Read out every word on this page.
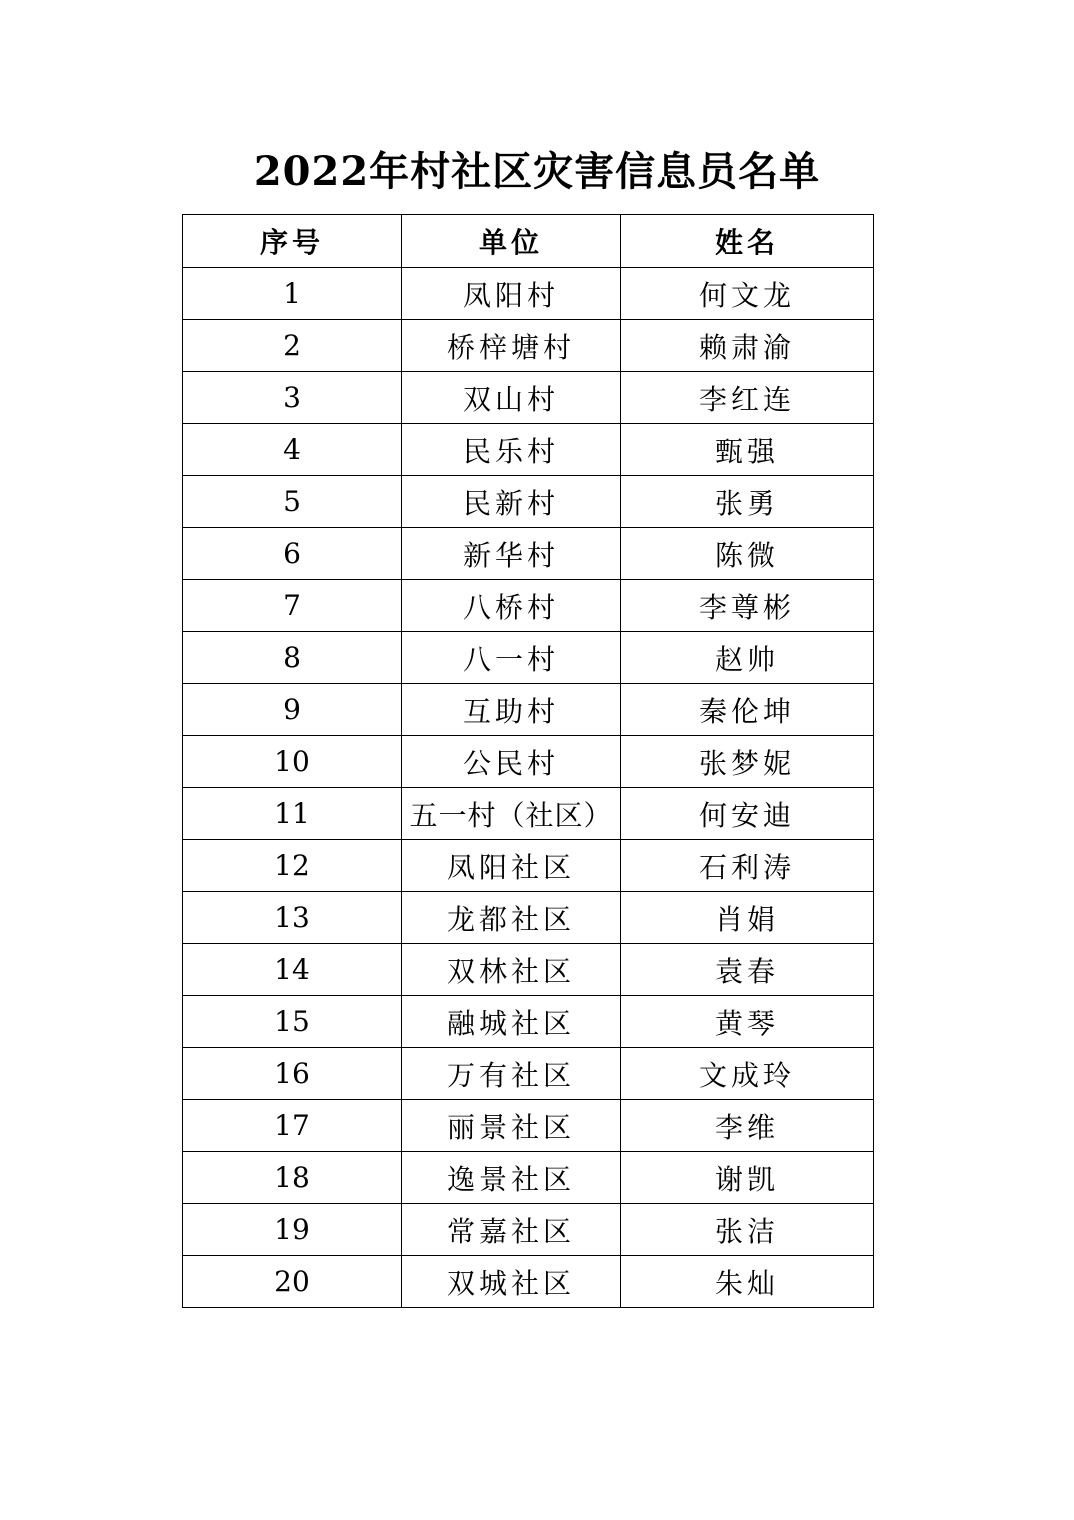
2022年村社区灾害信息员名单
序号	单位	姓名
1	凤阳村	何文龙
2	桥梓塘村	赖肃渝
3	双山村	李红连
4	民乐村	甄强
5	民新村	张勇
6	新华村	陈微
7	八桥村	李尊彬
8	八一村	赵帅
9	互助村	秦伦坤
10	公民村	张梦妮
11	五一村（社区）	何安迪
12	凤阳社区	石利涛
13	龙都社区	肖娟
14	双林社区	袁春
15	融城社区	黄琴
16	万有社区	文成玲
17	丽景社区	李维
18	逸景社区	谢凯
19	常嘉社区	张洁
20	双城社区	朱灿
